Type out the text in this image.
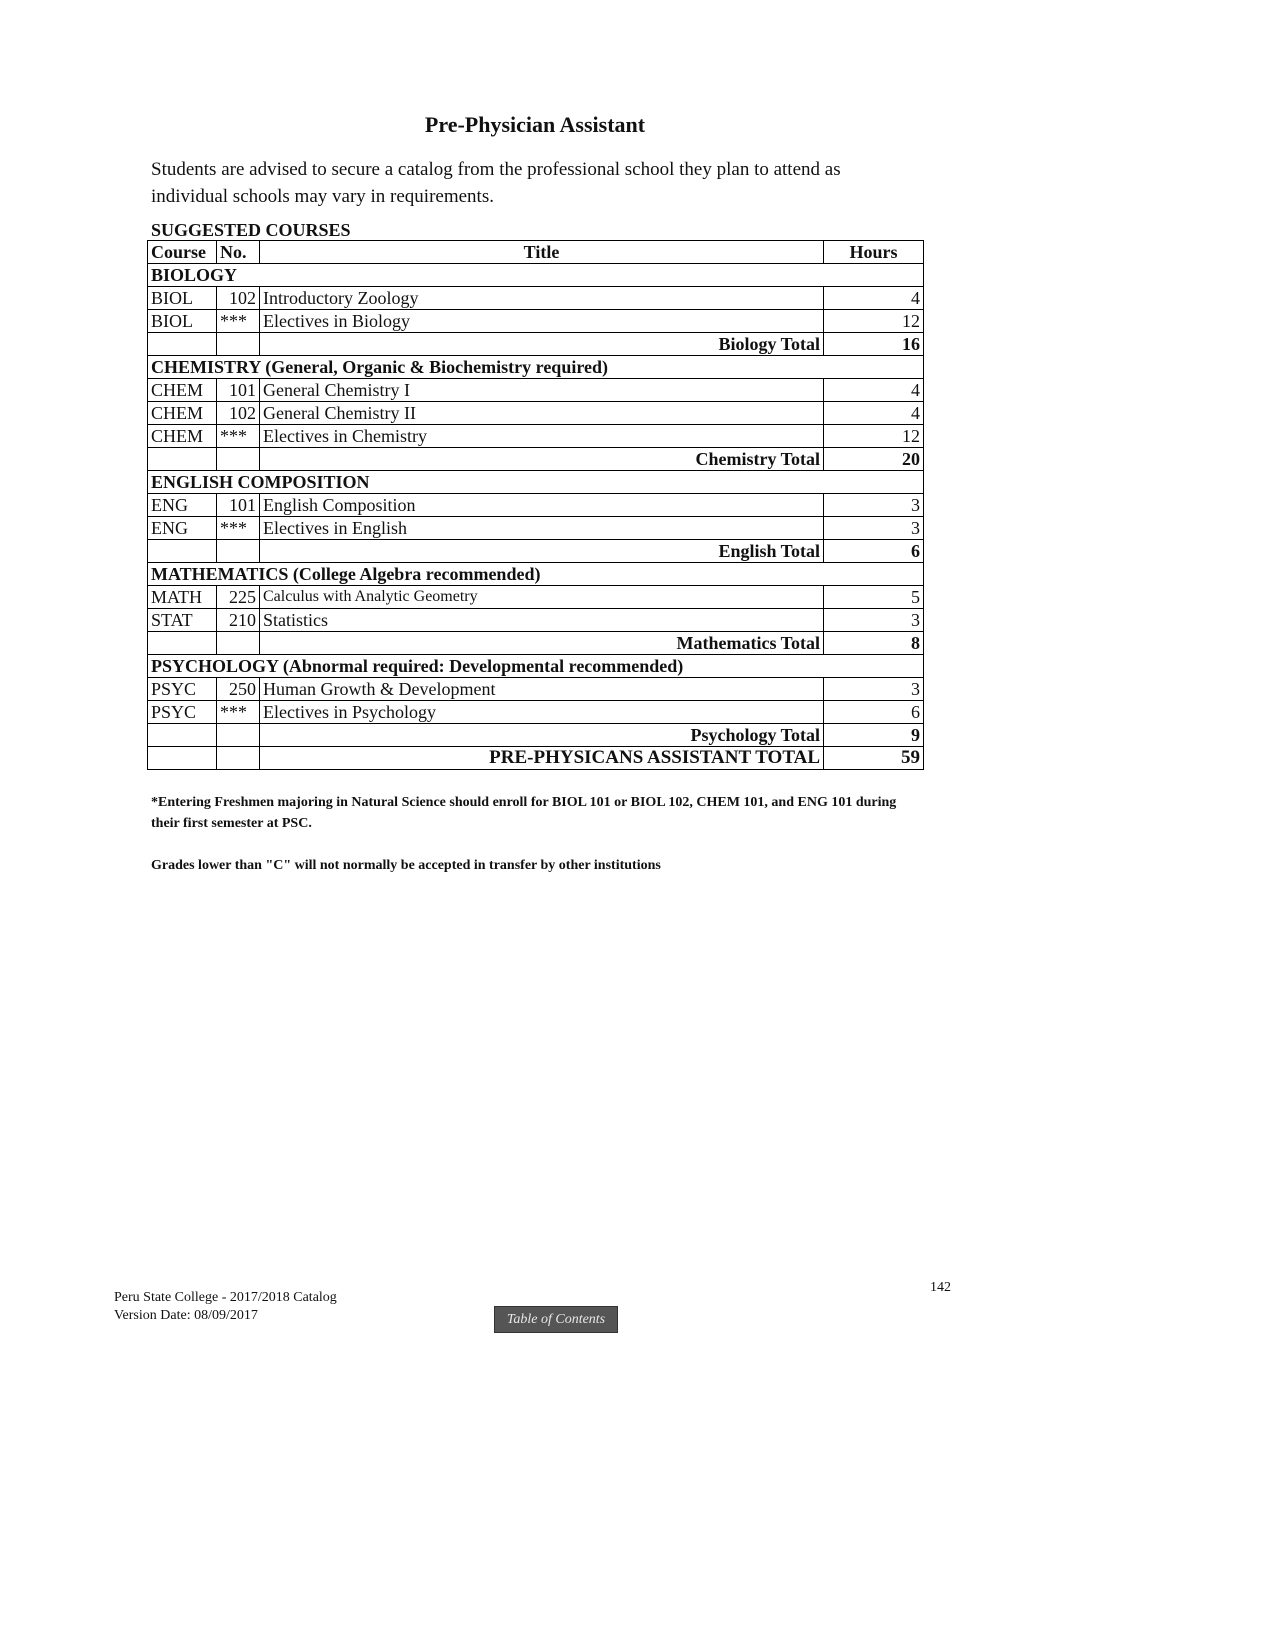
Pre-Physician Assistant
Students are advised to secure a catalog from the professional school they plan to attend as individual schools may vary in requirements.
SUGGESTED COURSES
Course	No.	Title	Hours
BIOLOGY			
BIOL	102	Introductory Zoology	4
BIOL	***	Electives in Biology	12
		Biology Total	16
CHEMISTRY (General, Organic & Biochemistry required)			
CHEM	101	General Chemistry I	4
CHEM	102	General Chemistry II	4
CHEM	***	Electives in Chemistry	12
		Chemistry Total	20
ENGLISH COMPOSITION			
ENG	101	English Composition	3
ENG	***	Electives in English	3
		English Total	6
MATHEMATICS (College Algebra recommended)			
MATH	225	Calculus with Analytic Geometry	5
STAT	210	Statistics	3
		Mathematics Total	8
PSYCHOLOGY (Abnormal required: Developmental recommended)			
PSYC	250	Human Growth & Development	3
PSYC	***	Electives in Psychology	6
		Psychology Total	9
		PRE-PHYSICANS ASSISTANT TOTAL	59
*Entering Freshmen majoring in Natural Science should enroll for BIOL 101 or BIOL 102, CHEM 101, and ENG 101 during their first semester at PSC.
Grades lower than "C" will not normally be accepted in transfer by other institutions
Peru State College - 2017/2018 Catalog
Version Date: 08/09/2017
142
Table of Contents
